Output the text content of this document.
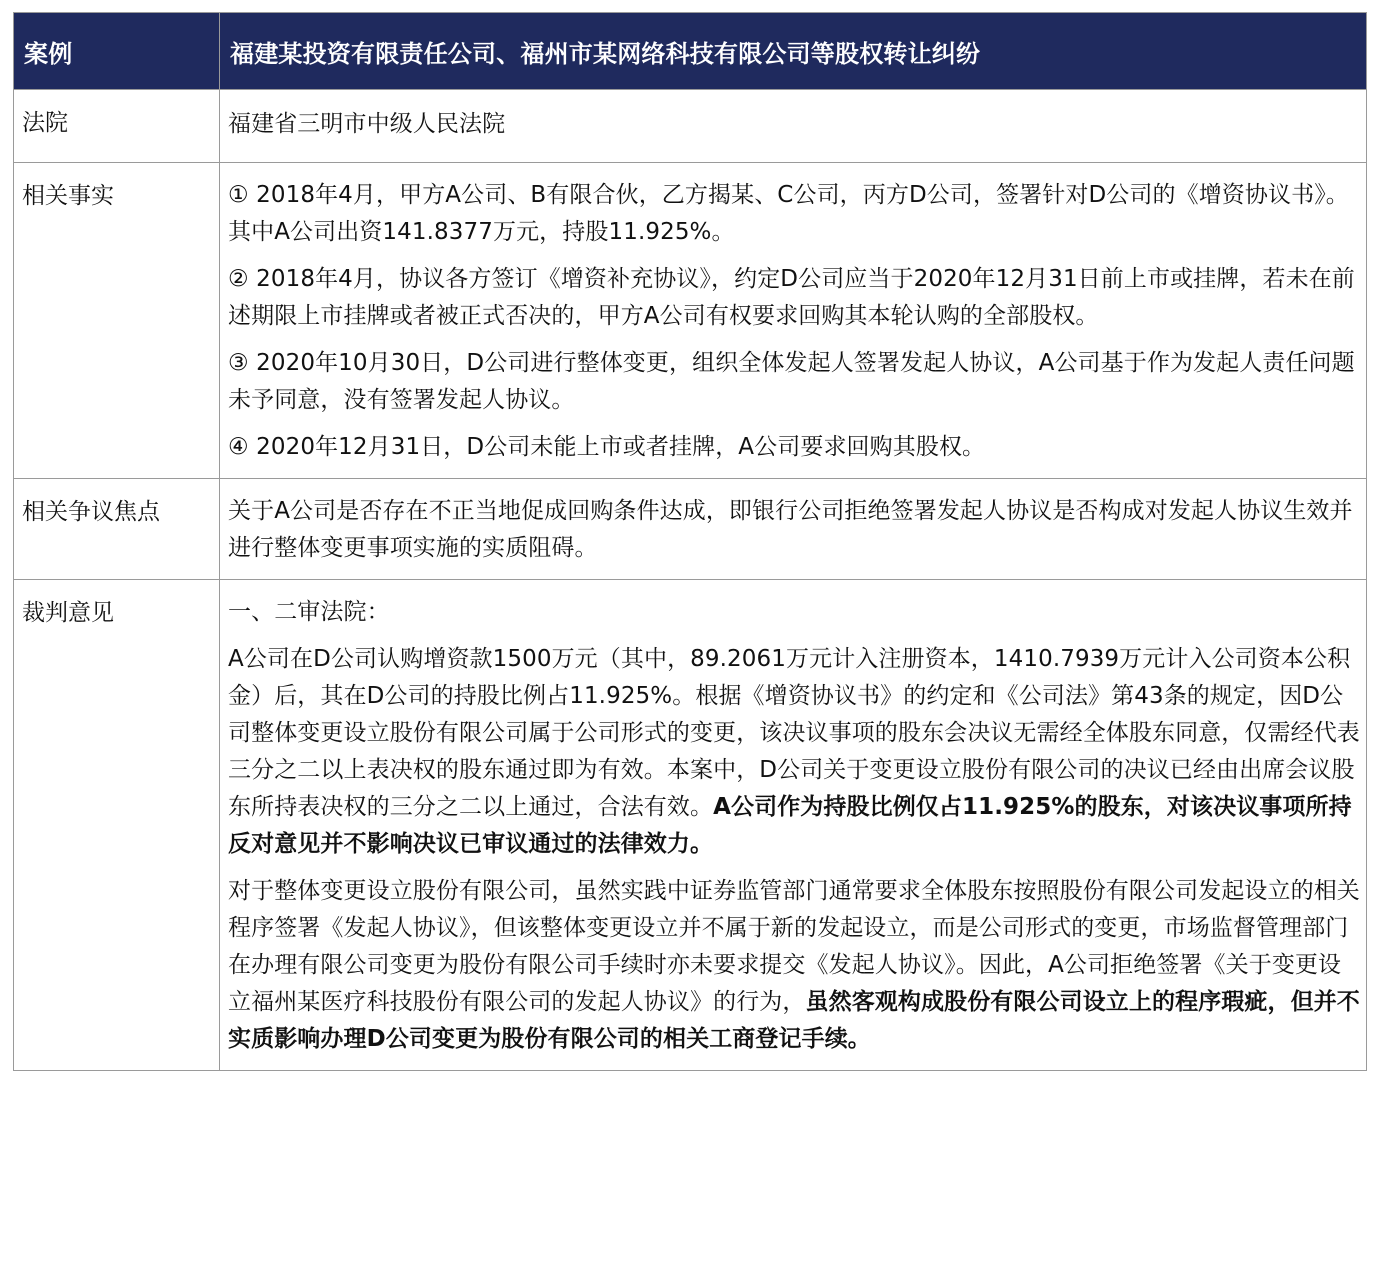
案例	福建某投资有限责任公司、福州市某网络科技有限公司等股权转让纠纷
法院	福建省三明市中级人民法院
相关事实	① 2018年4月，甲方A公司、B有限合伙，乙方揭某、C公司，丙方D公司，签署针对D公司的《增资协议书》。其中A公司出资141.8377万元，持股11.925%。

② 2018年4月，协议各方签订《增资补充协议》，约定D公司应当于2020年12月31日前上市或挂牌，若未在前述期限上市挂牌或者被正式否决的，甲方A公司有权要求回购其本轮认购的全部股权。

③ 2020年10月30日，D公司进行整体变更，组织全体发起人签署发起人协议，A公司基于作为发起人责任问题未予同意，没有签署发起人协议。

④ 2020年12月31日，D公司未能上市或者挂牌，A公司要求回购其股权。

相关争议焦点	关于A公司是否存在不正当地促成回购条件达成，即银行公司拒绝签署发起人协议是否构成对发起人协议生效并进行整体变更事项实施的实质阻碍。
裁判意见	一、二审法院：

A公司在D公司认购增资款1500万元（其中，89.2061万元计入注册资本，1410.7939万元计入公司资本公积金）后，其在D公司的持股比例占11.925%。根据《增资协议书》的约定和《公司法》第43条的规定，因D公司整体变更设立股份有限公司属于公司形式的变更，该决议事项的股东会决议无需经全体股东同意，仅需经代表三分之二以上表决权的股东通过即为有效。本案中，D公司关于变更设立股份有限公司的决议已经由出席会议股东所持表决权的三分之二以上通过，合法有效。A公司作为持股比例仅占11.925%的股东，对该决议事项所持反对意见并不影响决议已审议通过的法律效力。

对于整体变更设立股份有限公司，虽然实践中证券监管部门通常要求全体股东按照股份有限公司发起设立的相关程序签署《发起人协议》，但该整体变更设立并不属于新的发起设立，而是公司形式的变更，市场监督管理部门在办理有限公司变更为股份有限公司手续时亦未要求提交《发起人协议》。因此，A公司拒绝签署《关于变更设立福州某医疗科技股份有限公司的发起人协议》的行为，虽然客观构成股份有限公司设立上的程序瑕疵，但并不实质影响办理D公司变更为股份有限公司的相关工商登记手续。
